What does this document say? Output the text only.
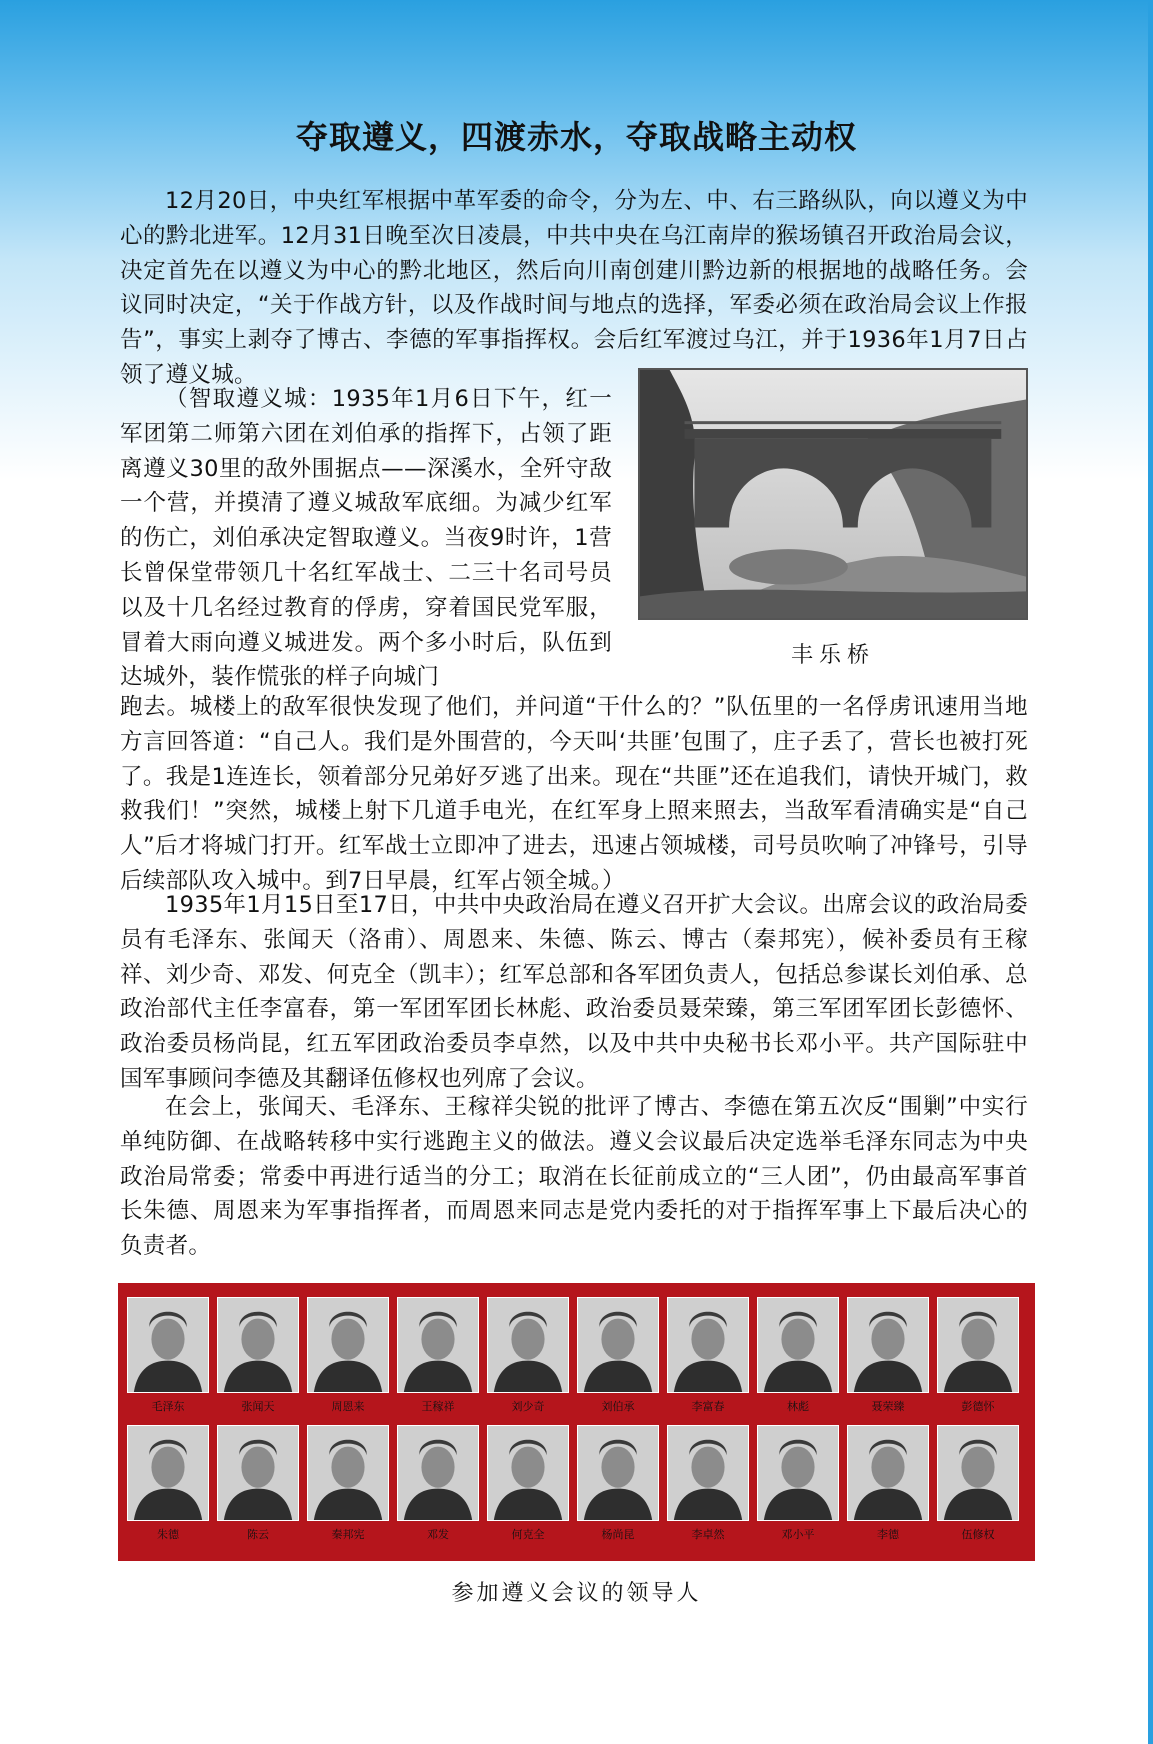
夺取遵义，四渡赤水，夺取战略主动权

12月20日，中央红军根据中革军委的命令，分为左、中、右三路纵队，向以遵义为中心的黔北进军。12月31日晚至次日凌晨，中共中央在乌江南岸的猴场镇召开政治局会议，决定首先在以遵义为中心的黔北地区，然后向川南创建川黔边新的根据地的战略任务。会议同时决定，“关于作战方针，以及作战时间与地点的选择，军委必须在政治局会议上作报告”，事实上剥夺了博古、李德的军事指挥权。会后红军渡过乌江，并于1936年1月7日占领了遵义城。

（智取遵义城：1935年1月6日下午，红一军团第二师第六团在刘伯承的指挥下，占领了距离遵义30里的敌外围据点——深溪水，全歼守敌一个营，并摸清了遵义城敌军底细。为减少红军的伤亡，刘伯承决定智取遵义。当夜9时许，1营长曾保堂带领几十名红军战士、二三十名司号员以及十几名经过教育的俘虏，穿着国民党军服，冒着大雨向遵义城进发。两个多小时后，队伍到达城外，装作慌张的样子向城门

跑去。城楼上的敌军很快发现了他们，并问道“干什么的？”队伍里的一名俘虏讯速用当地方言回答道：“自己人。我们是外围营的，今天叫‘共匪’包围了，庄子丢了，营长也被打死了。我是1连连长，领着部分兄弟好歹逃了出来。现在“共匪”还在追我们，请快开城门，救救我们！”突然，城楼上射下几道手电光，在红军身上照来照去，当敌军看清确实是“自己人”后才将城门打开。红军战士立即冲了进去，迅速占领城楼，司号员吹响了冲锋号，引导后续部队攻入城中。到7日早晨，红军占领全城。）

1935年1月15日至17日，中共中央政治局在遵义召开扩大会议。出席会议的政治局委员有毛泽东、张闻天（洛甫）、周恩来、朱德、陈云、博古（秦邦宪），候补委员有王稼祥、刘少奇、邓发、何克全（凯丰）；红军总部和各军团负责人，包括总参谋长刘伯承、总政治部代主任李富春，第一军团军团长林彪、政治委员聂荣臻，第三军团军团长彭德怀、政治委员杨尚昆，红五军团政治委员李卓然，以及中共中央秘书长邓小平。共产国际驻中国军事顾问李德及其翻译伍修权也列席了会议。

在会上，张闻天、毛泽东、王稼祥尖锐的批评了博古、李德在第五次反“围剿”中实行单纯防御、在战略转移中实行逃跑主义的做法。遵义会议最后决定选举毛泽东同志为中央政治局常委；常委中再进行适当的分工；取消在长征前成立的“三人团”，仍由最高军事首长朱德、周恩来为军事指挥者，而周恩来同志是党内委托的对于指挥军事上下最后决心的负责者。

丰乐桥
毛泽东	张闻天	周恩来	王稼祥	刘少奇	刘伯承	李富春	林彪	聂荣臻	彭德怀
朱德	陈云	秦邦宪	邓发	何克全	杨尚昆	李卓然	邓小平	李德	伍修权
参加遵义会议的领导人
